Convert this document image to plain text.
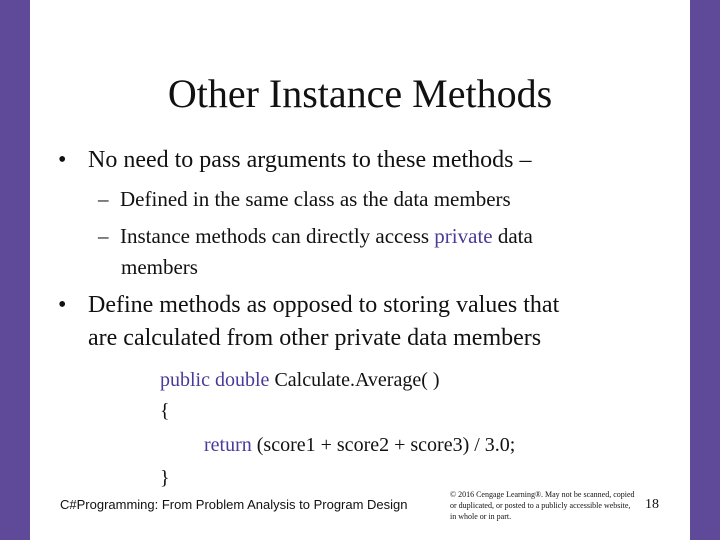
Other Instance Methods
• No need to pass arguments to these methods –
– Defined in the same class as the data members
– Instance methods can directly access private data
members
• Define methods as opposed to storing values that
are calculated from other private data members
public double Calculate.Average( )
{
return (score1 + score2 + score3) / 3.0;
}
C#Programming: From Problem Analysis to Program Design
© 2016 Cengage Learning®. May not be scanned, copied or duplicated, or posted to a publicly accessible website, in whole or in part.
18
